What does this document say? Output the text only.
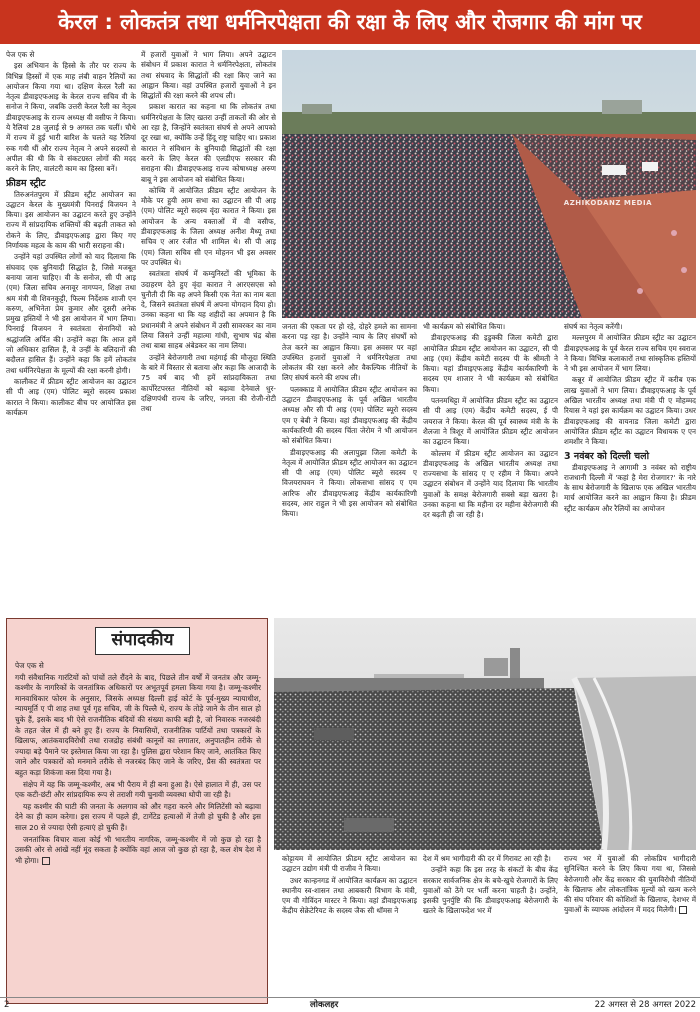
केरल : लोकतंत्र तथा धर्मनिरपेक्षता की रक्षा के लिए और रोजगार की मांग पर

पेज एक से

इस अभियान के हिस्से के तौर पर राज्य के विभिन्न हिस्सों में एक माह लंबी वाहन रैलियों का आयोजन किया गया था। दक्षिण केरल रैली का नेतृत्व डीवाइएफआइ के केरल राज्य सचिव वी के सनोज ने किया, जबकि उत्तरी केरल रैली का नेतृत्व डीवाइएफआइ के राज्य अध्यक्ष वी वसीफ ने किया। ये रैलियां 28 जुलाई से 9 अगस्त तक चलीं। चौथे में राज्य में हुई भारी बारिश के चलते यह रैलियां रुक गयी थीं और राज्य नेतृत्व ने अपने सदस्यों से अपील की थी कि वे संकटग्रस्त लोगों की मदद करने के लिए, वालंटरी काम का हिस्सा बनें।

फ्रीडम स्ट्रीट

तिरुअनंतपुरम में फ्रीडम स्ट्रीट आयोजन का उद्घाटन केरल के मुख्यमंत्री पिनराई विजयन ने किया। इस आयोजन का उद्घाटन करते हुए उन्होंने राज्य में सांप्रदायिक शक्तियों की बढ़ती ताकत को रोकने के लिए, डीवाइएफआइ द्वारा किए गए निर्णायक महत्व के काम की भारी सराहना की।

उन्होंने यहां उपस्थित लोगों को याद दिलाया कि संघवाद एक बुनियादी सिद्धांत है, जिसे मजबूत बनाया जाना चाहिए। वी के सनोज, सी पी आइ (एम) जिला सचिव अनावूर नागप्पन, शिक्षा तथा श्रम मंत्री वी शिवनकुट्टी, फिल्म निर्देशक शाजी एन करुण, अभिनेता प्रेम कुमार और दूसरी अनेक प्रमुख हस्तियों ने भी इस आयोजन में भाग लिया। पिनराई विजयन ने स्वतंत्रता सेनानियों को श्रद्धांजलि अर्पित की। उन्होंने कहा कि आज हमें जो अधिकार हासिल हैं, वे उन्हीं के बलिदानों की बदौलत हासिल हैं। उन्होंने कहा कि हमें लोकतंत्र तथा धर्मनिरपेक्षता के मूल्यों की रक्षा करनी होगी।

कालीकट में फ्रीडम स्ट्रीट आयोजन का उद्घाटन सी पी आइ (एम) पोलिट ब्यूरो सदस्य प्रकाश कारात ने किया। कालीकट बीच पर आयोजित इस कार्यक्रम

में हजारों युवाओं ने भाग लिया। अपने उद्घाटन संबोधन में प्रकाश कारात ने धर्मनिरपेक्षता, लोकतंत्र तथा संघवाद के सिद्धांतों की रक्षा किए जाने का आह्वान किया। वहां उपस्थित हजारों युवाओं ने इन सिद्धांतों की रक्षा करने की शपथ ली।

प्रकाश कारात का कहना था कि लोकतंत्र तथा धर्मनिरपेक्षता के लिए खतरा उन्हीं ताकतों की ओर से आ रहा है, जिन्होंने स्वतंत्रता संघर्ष से अपने आपको दूर रखा था, क्योंकि उन्हें हिंदू राष्ट्र चाहिए था। प्रकाश कारात ने संविधान के बुनियादी सिद्धांतों की रक्षा करने के लिए केरल की एलडीएफ सरकार की सराहना की। डीवाइएफआइ राज्य कोषाध्यक्ष अरुण बाबू ने इस आयोजन को संबोधित किया।

कोच्चि में आयोजित फ्रीडम स्ट्रीट आयोजन के मौके पर हुयी आम सभा का उद्घाटन सी पी आइ (एम) पोलिट ब्यूरो सदस्य वृंदा कारात ने किया। इस आयोजन के अन्य वक्ताओं में वी वसीफ, डीवाइएफआइ के जिला अध्यक्ष अनीश मैथ्यू तथा सचिव ए आर रंजीत भी शामिल थे। सी पी आइ (एम) जिला सचिव सी एन मोहनन भी इस अवसर पर उपस्थित थे।

स्वतंत्रता संघर्ष में कम्युनिस्टों की भूमिका के उदाहरण देते हुए वृंदा कारात ने आरएसएस को चुनौती दी कि वह अपने किसी एक नेता का नाम बता दे, जिसने स्वतंत्रता संघर्ष में अपना योगदान दिया हो। उनका कहना था कि यह शहीदों का अपमान है कि प्रधानमंत्री ने अपने संबोधन में उसी सावरकर का नाम लिया जिसने उन्हीं महात्मा गांधी, सुभाष चंद्र बोस तथा बाबा साहब अंबेडकर का नाम लिया।

उन्होंने बेरोजगारी तथा महंगाई की मौजूदा स्थिति के बारे में विस्तार से बताया और कहा कि आजादी के 75 वर्ष बाद भी हमें सांप्रदायिकता तथा कार्पोरेटपरस्त नीतियों को बढ़ावा देनेवाले धुर-दक्षिणपंथी राज्य के जरिए, जनता की रोजी-रोटी तथा

AZHIKODANZ MEDIA

जनता की एकता पर हो रहे, दोहरे हमले का सामना करना पड़ रहा है। उन्होंने न्याय के लिए संघर्षों को तेज करने का आह्वान किया। इस अवसर पर वहां उपस्थित हजारों युवाओं ने धर्मनिरपेक्षता तथा लोकतंत्र की रक्षा करने और वैकल्पिक नीतियों के लिए संघर्ष करने की शपथ ली।

पलक्काड में आयोजित फ्रीडम स्ट्रीट आयोजन का उद्घाटन डीवाइएफआइ के पूर्व अखिल भारतीय अध्यक्ष और सी पी आइ (एम) पोलिट ब्यूरो सदस्य एम ए बेबी ने किया। वहां डीवाइएफआइ की केंद्रीय कार्यकारिणी की सदस्य चिंता जेरोम ने भी आयोजन को संबोधित किया।

डीवाइएफआइ की अलापुझा जिला कमेटी के नेतृत्व में आयोजित फ्रीडम स्ट्रीट आयोजन का उद्घाटन सी पी आइ (एम) पोलिट ब्यूरो सदस्य ए विजयराघवन ने किया। लोकसभा सांसद ए एम आरिफ और डीवाइएफआइ केंद्रीय कार्यकारिणी सदस्य, आर राहुल ने भी इस आयोजन को संबोधित किया।

भी कार्यक्रम को संबोधित किया।

डीवाइएफआइ की इडुक्की जिला कमेटी द्वारा आयोजित फ्रीडम स्ट्रीट आयोजन का उद्घाटन, सी पी आइ (एम) केंद्रीय कमेटी सदस्य पी के श्रीमती ने किया। यहां डीवाइएफआइ केंद्रीय कार्यकारिणी के सदस्य एम शाजार ने भी कार्यक्रम को संबोधित किया।

पतनमथिट्टा में आयोजित फ्रीडम स्ट्रीट का उद्घाटन सी पी आइ (एम) केंद्रीय कमेटी सदस्य, ई पी जयराज ने किया। केरल की पूर्व स्वास्थ्य मंत्री के के शैलजा ने त्रिशूर में आयोजित फ्रीडम स्ट्रीट आयोजन का उद्घाटन किया।

कोल्लम में फ्रीडम स्ट्रीट आयोजन का उद्घाटन डीवाइएफआइ के अखिल भारतीय अध्यक्ष तथा राज्यसभा के सांसद ए ए रहीम ने किया। अपने उद्घाटन संबोधन में उन्होंने याद दिलाया कि भारतीय युवाओं के समक्ष बेरोजगारी सबसे बड़ा खतरा है। उनका कहना था कि महीना दर महीना बेरोजगारी की दर बढ़ती ही जा रही है।

संघर्ष का नेतृत्व करेंगी।

मल्लपुरम में आयोजित फ्रीडम स्ट्रीट का उद्घाटन डीवाइएफआइ के पूर्व केरल राज्य सचिव एम स्वराज ने किया। विभिन्न कलाकारों तथा सांस्कृतिक हस्तियों ने भी इस आयोजन में भाग लिया।

कन्नूर में आयोजित फ्रीडम स्ट्रीट में करीब एक लाख युवाओं ने भाग लिया। डीवाइएफआइ के पूर्व अखिल भारतीय अध्यक्ष तथा मंत्री पी ए मोहम्मद रियास ने यहां इस कार्यक्रम का उद्घाटन किया। उधर डीवाइएफआइ की वायनाड जिला कमेटी द्वारा आयोजित फ्रीडम स्ट्रीट का उद्घाटन विधायक ए एन शमशीर ने किया।

3 नवंबर को दिल्ली चलो

डीवाइएफआइ ने आगामी 3 नवंबर को राष्ट्रीय राजधानी दिल्ली में 'कहां है मेरा रोजगार?' के नारे के साथ बेरोजगारी के खिलाफ एक अखिल भारतीय मार्च आयोजित करने का आह्वान किया है। फ्रीडम स्ट्रीट कार्यक्रम और रैलियों का आयोजन

संपादकीय

पेज एक से

गयी संवैधानिक गारंटियों को पांचों तले रौंदने के बाद, पिछले तीन वर्षों में जनतंत्र और जम्मू-कश्मीर के नागरिकों के जनतांत्रिक अधिकारों पर अभूतपूर्व हमला किया गया है। जम्मू-कश्मीर मानवाधिकार फोरम के अनुसार, जिसके अध्यक्ष दिल्ली हाई कोर्ट के पूर्व-मुख्य न्यायाधीश, न्यायमूर्ति ए पी शाह तथा पूर्व गृह सचिव, जी के पिल्लै थे, राज्य के तोड़े जाने के तीन साल हो चुके हैं, इसके बाद भी ऐसे राजनीतिक बंदियों की संख्या काफी बड़ी है, जो निवारक नजरबंदी के तहत जेल में ही बने हुए हैं। राज्य के निवासियों, राजनीतिक पार्टियों तथा पत्रकारों के खिलाफ, आतंकवादविरोधी तथा राजद्रोह संबंधी कानूनों का लगातार, अनुपातहीन तरीके से ज्यादा बड़े पैमाने पर इस्तेमाल किया जा रहा है। पुलिस द्वारा परेशान किए जाने, आतंकित किए जाने और पत्रकारों को मनमाने तरीके से नजरबंद किए जाने के जरिए, प्रैस की स्वतंत्रता पर बहुत कड़ा शिकंजा कस दिया गया है।

संक्षेप में यह कि जम्मू-कश्मीर, अब भी पैराय में ही बना हुआ है। ऐसे हालात में ही, उस पर एक कटी-छंटी और सांप्रदायिक रूप से तराशी गयी चुनावी व्यवस्था थोपी जा रही है।

यह कश्मीर की घाटी की जनता के अलगाव को और गहरा करने और मिलिटेंसी को बढ़ावा देने का ही काम करेगा। इस राज्य में पहले ही, टार्गेटेड हत्याओं में तेजी हो चुकी है और इस साल 20 से ज्यादा ऐसी हत्याएं हो चुकी हैं।

जनतांत्रिक विचार वाला कोई भी भारतीय नागरिक, जम्मू-कश्मीर में जो कुछ हो रहा है उसकी ओर से आंखें नहीं मूंद सकता है क्योंकि वहां आज जो कुछ हो रहा है, कल शेष देश में भी होगा।	कोट्टायम में आयोजित फ्रीडम स्ट्रीट आयोजन का उद्घाटन उद्योग मंत्री पी राजीव ने किया।

उधर कान्हनगड में आयोजित कार्यक्रम का उद्घाटन स्थानीय स्व-शासन तथा आबकारी विभाग के मंत्री, एम वी गोविंदन मास्टर ने किया। वहां डीवाइएफआइ केंद्रीय सेक्रेटेरियट के सदस्य जैक सी थॉमस ने

देश में श्रम भागीदारी की दर में गिरावट आ रही है।

उन्होंने कहा कि इस तरह के संकटों के बीच केंद्र सरकार सार्वजनिक क्षेत्र के बचे-खुचे रोजगारों के लिए युवाओं को ठेंगे पर भर्ती करना चाहती है। उन्होंने, इसकी पुनर्पुष्टि की कि डीवाइएफआइ बेरोजगारी के खतरे के खिलाफदेश भर में

राज्य भर में युवाओं की लोकप्रिय भागीदारी सुनिश्चित करने के लिए किया गया था, जिससे बेरोजगारी और केंद्र सरकार की युवाविरोधी नीतियों के खिलाफ और लोकतांत्रिक मूल्यों को खत्म करने की संघ परिवार की कोशिशों के खिलाफ, देशभर में युवाओं के व्यापक आंदोलन में मदद मिलेगी।

2	लोकलहर	22 अगस्त से 28 अगस्त 2022
